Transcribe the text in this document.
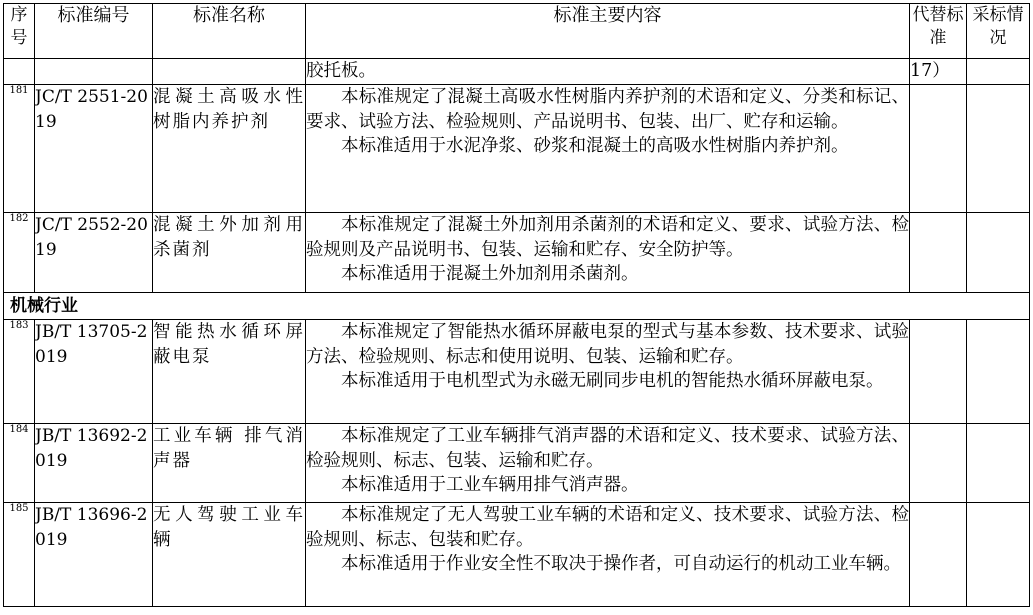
序号	标准编号	标准名称	标准主要内容	代替标准	采标情况
			胶托板。	17）	
181	JC/T 2551-2019	混凝土高吸水性树脂内养护剂	本标准规定了混凝土高吸水性树脂内养护剂的术语和定义、分类和标记、要求、试验方法、检验规则、产品说明书、包装、出厂、贮存和运输。

本标准适用于水泥净浆、砂浆和混凝土的高吸水性树脂内养护剂。		

182	JC/T 2552-2019	混凝土外加剂用杀菌剂	本标准规定了混凝土外加剂用杀菌剂的术语和定义、要求、试验方法、检验规则及产品说明书、包装、运输和贮存、安全防护等。

本标准适用于混凝土外加剂用杀菌剂。		

机械行业					
183	JB/T 13705-2019	智能热水循环屏蔽电泵	本标准规定了智能热水循环屏蔽电泵的型式与基本参数、技术要求、试验方法、检验规则、标志和使用说明、包装、运输和贮存。

本标准适用于电机型式为永磁无刷同步电机的智能热水循环屏蔽电泵。		

184	JB/T 13692-2019	工业车辆 排气消声器	本标准规定了工业车辆排气消声器的术语和定义、技术要求、试验方法、检验规则、标志、包装、运输和贮存。

本标准适用于工业车辆用排气消声器。		

185	JB/T 13696-2019	无人驾驶工业车辆	本标准规定了无人驾驶工业车辆的术语和定义、技术要求、试验方法、检验规则、标志、包装和贮存。

本标准适用于作业安全性不取决于操作者，可自动运行的机动工业车辆。		
